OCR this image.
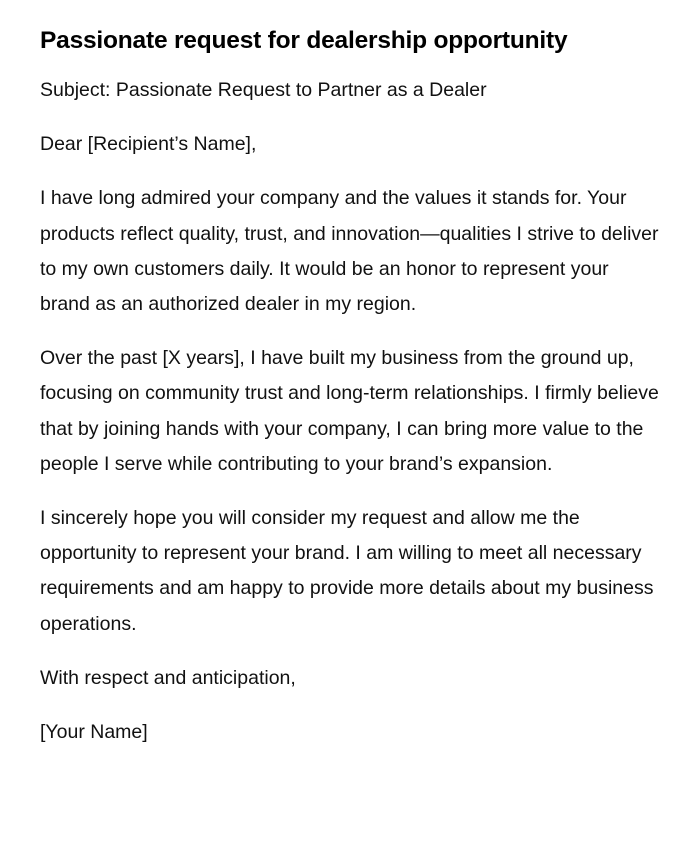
Passionate request for dealership opportunity

Subject: Passionate Request to Partner as a Dealer

Dear [Recipient’s Name],

I have long admired your company and the values it stands for. Your products reflect quality, trust, and innovation—qualities I strive to deliver to my own customers daily. It would be an honor to represent your brand as an authorized dealer in my region.

Over the past [X years], I have built my business from the ground up, focusing on community trust and long-term relationships. I firmly believe that by joining hands with your company, I can bring more value to the people I serve while contributing to your brand’s expansion.

I sincerely hope you will consider my request and allow me the opportunity to represent your brand. I am willing to meet all necessary requirements and am happy to provide more details about my business operations.

With respect and anticipation,

[Your Name]
